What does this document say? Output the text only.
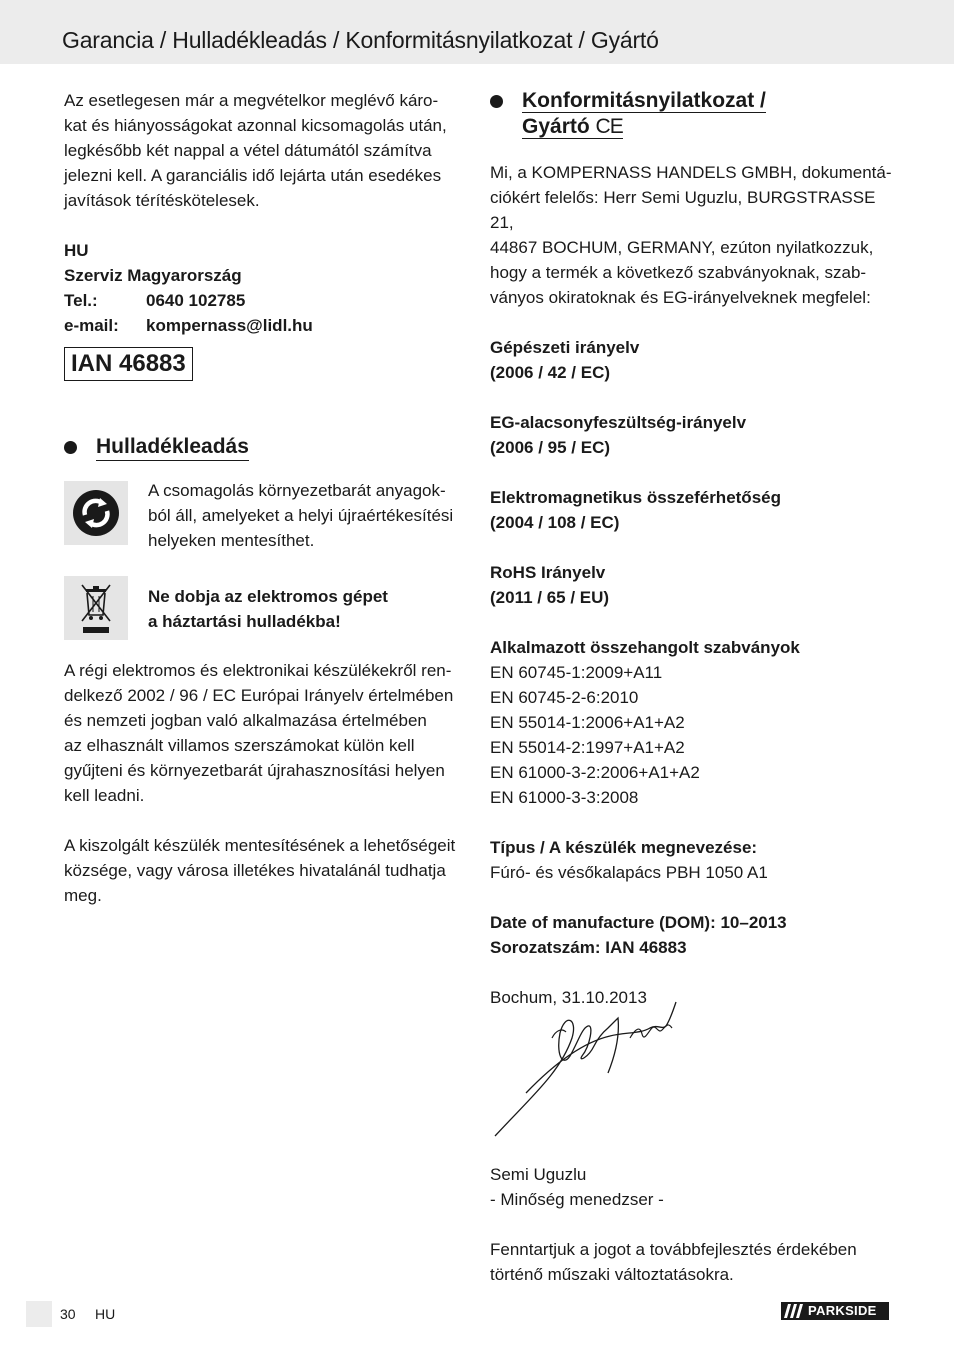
Garancia / Hulladékleadás / Konformitásnyilatkozat / Gyártó

Az esetlegesen már a megvételkor meglévő káro-

kat és hiányosságokat azonnal kicsomagolás után,

legkésőbb két nappal a vétel dátumától számítva

jelezni kell. A garanciális idő lejárta után esedékes

javítások térítéskötelesek.

HU

Szerviz Magyarország

Tel.:	0640 102785
e-mail:	kompernass@lidl.hu
IAN 46883
Hulladékleadás

A csomagolás környezetbarát anyagok-

ból áll, amelyeket a helyi újraértékesítési

helyeken mentesíthet.

Ne dobja az elektromos gépet

a háztartási hulladékba!

A régi elektromos és elektronikai készülékekről ren-

delkező 2002 / 96 / EC Európai Irányelv értelmében

és nemzeti jogban való alkalmazása értelmében

az elhasznált villamos szerszámokat külön kell

gyűjteni és környezetbarát újrahasznosítási helyen

kell leadni.

A kiszolgált készülék mentesítésének a lehetőségeit

községe, vagy városa illetékes hivatalánál tudhatja

meg.

Konformitásnyilatkozat /
Gyártó CE

Mi, a KOMPERNASS HANDELS GMBH, dokumentá-

ciókért felelős: Herr Semi Uguzlu, BURGSTRASSE 21,

44867 BOCHUM, GERMANY, ezúton nyilatkozzuk,

hogy a termék a következő szabványoknak, szab-

ványos okiratoknak és EG-irányelveknek megfelel:

Gépészeti irányelv

(2006 / 42 / EC)

EG-alacsonyfeszültség-irányelv

(2006 / 95 / EC)

Elektromagnetikus összeférhetőség

(2004 / 108 / EC)

RoHS Irányelv

(2011 / 65 / EU)

Alkalmazott összehangolt szabványok

EN 60745-1:2009+A11

EN 60745-2-6:2010

EN 55014-1:2006+A1+A2

EN 55014-2:1997+A1+A2

EN 61000-3-2:2006+A1+A2

EN 61000-3-3:2008

Típus / A készülék megnevezése:

Fúró- és vésőkalapács PBH 1050 A1

Date of manufacture (DOM): 10–2013

Sorozatszám: IAN 46883

Bochum, 31.10.2013

Semi Uguzlu

- Minőség menedzser -

Fenntartjuk a jogot a továbbfejlesztés érdekében

történő műszaki változtatásokra.

30 HU	PARKSIDE
